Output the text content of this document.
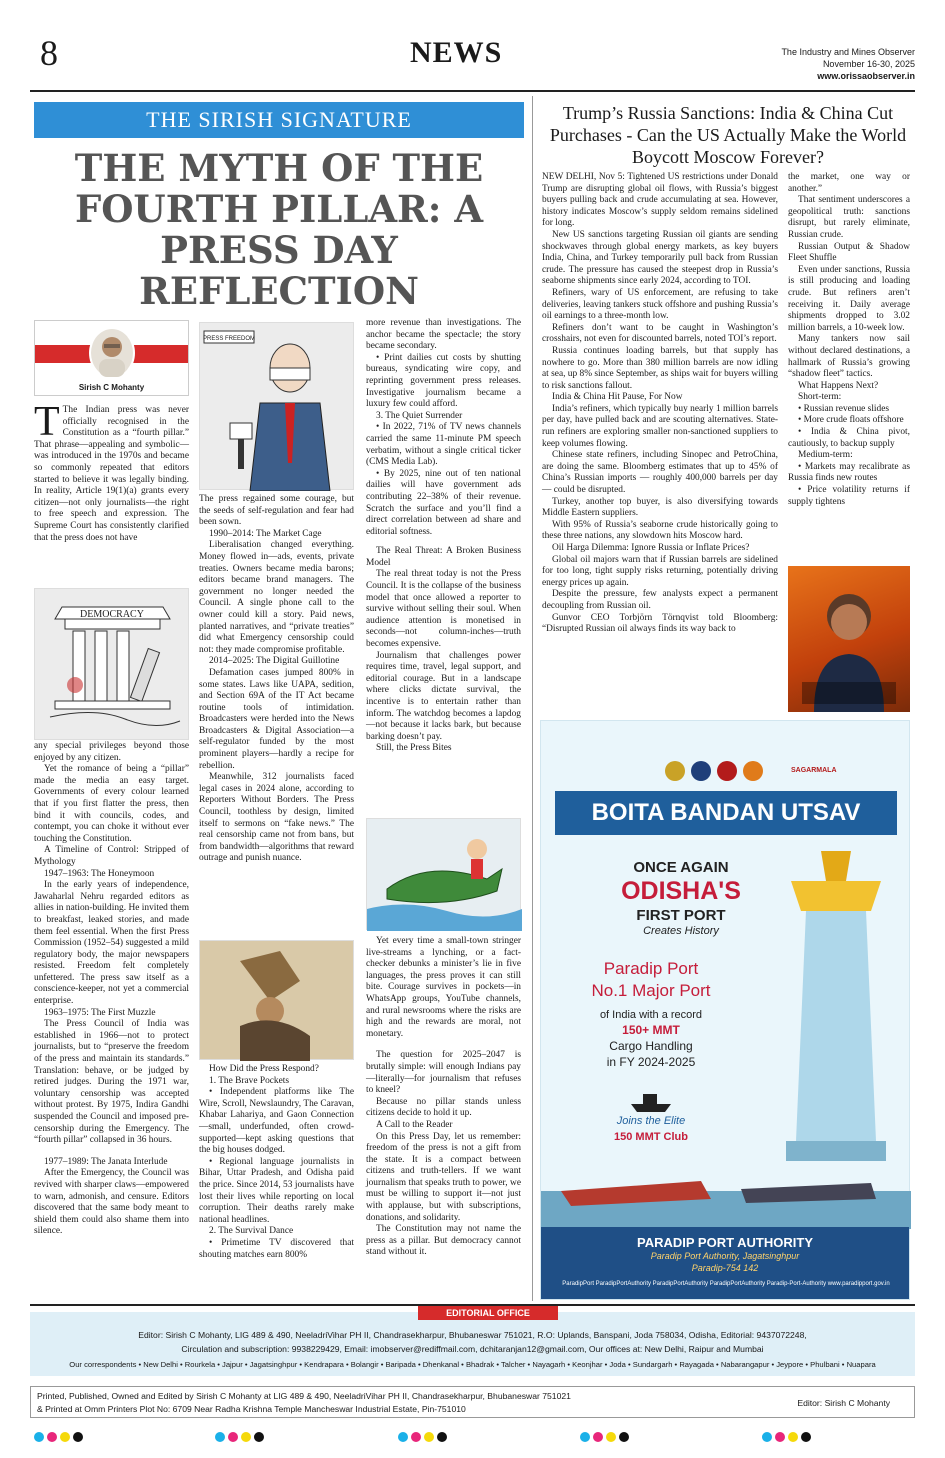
8	NEWS	The Industry and Mines Observer
November 16-30, 2025
www.orissaobserver.in
THE SIRISH SIGNATURE
THE MYTH OF THE FOURTH PILLAR: A PRESS DAY REFLECTION
Sirish C Mohanty

T The Indian press was never officially recognised in the Constitution as a “fourth pillar.” That phrase—appealing and symbolic—was introduced in the 1970s and became so commonly repeated that editors started to believe it was legally binding. In reality, Article 19(1)(a) grants every citizen—not only journalists—the right to free speech and expression. The Supreme Court has consistently clarified that the press does not have

DEMOCRACY

any special privileges beyond those enjoyed by any citizen.

Yet the romance of being a “pillar” made the media an easy target. Governments of every colour learned that if you first flatter the press, then bind it with councils, codes, and contempt, you can choke it without ever touching the Constitution.

A Timeline of Control: Stripped of Mythology

1947–1963: The Honeymoon

In the early years of independence, Jawaharlal Nehru regarded editors as allies in nation-building. He invited them to breakfast, leaked stories, and made them feel essential. When the first Press Commission (1952–54) suggested a mild regulatory body, the major newspapers resisted. Freedom felt completely unfettered. The press saw itself as a conscience-keeper, not yet a commercial enterprise.

1963–1975: The First Muzzle

The Press Council of India was established in 1966—not to protect journalists, but to “preserve the freedom of the press and maintain its standards.” Translation: behave, or be judged by retired judges. During the 1971 war, voluntary censorship was accepted without protest. By 1975, Indira Gandhi suspended the Council and imposed pre-censorship during the Emergency. The “fourth pillar” collapsed in 36 hours.

1977–1989: The Janata Interlude

After the Emergency, the Council was revived with sharper claws—empowered to warn, admonish, and censure. Editors discovered that the same body meant to shield them could also shame them into silence.

PRESS FREEDOM

The press regained some courage, but the seeds of self-regulation and fear had been sown.

1990–2014: The Market Cage

Liberalisation changed everything. Money flowed in—ads, events, private treaties. Owners became media barons; editors became brand managers. The government no longer needed the Council. A single phone call to the owner could kill a story. Paid news, planted narratives, and “private treaties” did what Emergency censorship could not: they made compromise profitable.

2014–2025: The Digital Guillotine

Defamation cases jumped 800% in some states. Laws like UAPA, sedition, and Section 69A of the IT Act became routine tools of intimidation. Broadcasters were herded into the News Broadcasters & Digital Association—a self-regulator funded by the most prominent players—hardly a recipe for rebellion.

Meanwhile, 312 journalists faced legal cases in 2024 alone, according to Reporters Without Borders. The Press Council, toothless by design, limited itself to sermons on “fake news.” The real censorship came not from bans, but from bandwidth—algorithms that reward outrage and punish nuance.

How Did the Press Respond?

1. The Brave Pockets

• Independent platforms like The Wire, Scroll, Newslaundry, The Caravan, Khabar Lahariya, and Gaon Connection—small, underfunded, often crowd-supported—kept asking questions that the big houses dodged.

• Regional language journalists in Bihar, Uttar Pradesh, and Odisha paid the price. Since 2014, 53 journalists have lost their lives while reporting on local corruption. Their deaths rarely make national headlines.

2. The Survival Dance

• Primetime TV discovered that shouting matches earn 800%

more revenue than investigations. The anchor became the spectacle; the story became secondary.

• Print dailies cut costs by shutting bureaus, syndicating wire copy, and reprinting government press releases. Investigative journalism became a luxury few could afford.

3. The Quiet Surrender

• In 2022, 71% of TV news channels carried the same 11-minute PM speech verbatim, without a single critical ticker (CMS Media Lab).

• By 2025, nine out of ten national dailies will have government ads contributing 22–38% of their revenue. Scratch the surface and you’ll find a direct correlation between ad share and editorial softness.

The Real Threat: A Broken Business Model

The real threat today is not the Press Council. It is the collapse of the business model that once allowed a reporter to survive without selling their soul. When audience attention is monetised in seconds—not column-inches—truth becomes expensive.

Journalism that challenges power requires time, travel, legal support, and editorial courage. But in a landscape where clicks dictate survival, the incentive is to entertain rather than inform. The watchdog becomes a lapdog—not because it lacks bark, but because barking doesn’t pay.

Still, the Press Bites

Yet every time a small-town stringer live-streams a lynching, or a fact-checker debunks a minister’s lie in five languages, the press proves it can still bite. Courage survives in pockets—in WhatsApp groups, YouTube channels, and rural newsrooms where the risks are high and the rewards are moral, not monetary.

The question for 2025–2047 is brutally simple: will enough Indians pay—literally—for journalism that refuses to kneel?

Because no pillar stands unless citizens decide to hold it up.

A Call to the Reader

On this Press Day, let us remember: freedom of the press is not a gift from the state. It is a compact between citizens and truth-tellers. If we want journalism that speaks truth to power, we must be willing to support it—not just with applause, but with subscriptions, donations, and solidarity.

The Constitution may not name the press as a pillar. But democracy cannot stand without it.

Trump’s Russia Sanctions: India & China Cut Purchases - Can the US Actually Make the World Boycott Moscow Forever?

NEW DELHI, Nov 5: Tightened US restrictions under Donald Trump are disrupting global oil flows, with Russia’s biggest buyers pulling back and crude accumulating at sea. However, history indicates Moscow’s supply seldom remains sidelined for long.

New US sanctions targeting Russian oil giants are sending shockwaves through global energy markets, as key buyers India, China, and Turkey temporarily pull back from Russian crude. The pressure has caused the steepest drop in Russia’s seaborne shipments since early 2024, according to TOI.

Refiners, wary of US enforcement, are refusing to take deliveries, leaving tankers stuck offshore and pushing Russia’s oil earnings to a three-month low.

Refiners don’t want to be caught in Washington’s crosshairs, not even for discounted barrels, noted TOI’s report.

Russia continues loading barrels, but that supply has nowhere to go. More than 380 million barrels are now idling at sea, up 8% since September, as ships wait for buyers willing to risk sanctions fallout.

India & China Hit Pause, For Now

India’s refiners, which typically buy nearly 1 million barrels per day, have pulled back and are scouting alternatives. State-run refiners are exploring smaller non-sanctioned suppliers to keep volumes flowing.

Chinese state refiners, including Sinopec and PetroChina, are doing the same. Bloomberg estimates that up to 45% of China’s Russian imports — roughly 400,000 barrels per day — could be disrupted.

Turkey, another top buyer, is also diversifying towards Middle Eastern suppliers.

With 95% of Russia’s seaborne crude historically going to these three nations, any slowdown hits Moscow hard.

Oil Harga Dilemma: Ignore Russia or Inflate Prices?

Global oil majors warn that if Russian barrels are sidelined for too long, tight supply risks returning, potentially driving energy prices up again.

Despite the pressure, few analysts expect a permanent decoupling from Russian oil.

Gunvor CEO Torbjörn Törnqvist told Bloomberg: “Disrupted Russian oil always finds its way back to

the market, one way or another.”

That sentiment underscores a geopolitical truth: sanctions disrupt, but rarely eliminate, Russian crude.

Russian Output & Shadow Fleet Shuffle

Even under sanctions, Russia is still producing and loading crude. But refiners aren’t receiving it. Daily average shipments dropped to 3.02 million barrels, a 10-week low.

Many tankers now sail without declared destinations, a hallmark of Russia’s growing “shadow fleet” tactics.

What Happens Next?

Short-term:

• Russian revenue slides

• More crude floats offshore

• India & China pivot, cautiously, to backup supply

Medium-term:

• Markets may recalibrate as Russia finds new routes

• Price volatility returns if supply tightens

SAGARMALA
BOITA BANDAN UTSAV
ONCE AGAIN
ODISHA'S
FIRST PORT
Creates History
Paradip Port
No.1 Major Port
of India with a record
150+ MMT
Cargo Handling
in FY 2024-2025
Joins the Elite
150 MMT Club
PARADIP PORT AUTHORITY
Paradip Port Authority, Jagatsinghpur
Paradip-754 142
ParadipPort ParadipPortAuthority ParadipPortAuthority ParadipPortAuthority Paradip-Port-Authority www.paradipport.gov.in
EDITORIAL OFFICE
Editor: Sirish C Mohanty, LIG 489 & 490, NeeladriVihar PH II, Chandrasekharpur, Bhubaneswar 751021, R.O: Uplands, Banspani, Joda 758034, Odisha, Editorial: 9437072248,
Circulation and subscription: 9938229429, Email: imobserver@rediffmail.com, dchitaranjan12@gmail.com, Our offices at: New Delhi, Raipur and Mumbai
Our correspondents • New Delhi • Rourkela • Jajpur • Jagatsinghpur • Kendrapara • Bolangir • Baripada • Dhenkanal • Bhadrak • Talcher • Nayagarh • Keonjhar • Joda • Sundargarh • Rayagada • Nabarangapur • Jeypore • Phulbani • Nuapara
Printed, Published, Owned and Edited by Sirish C Mohanty at LIG 489 & 490, NeeladriVihar PH II, Chandrasekharpur, Bhubaneswar 751021
& Printed at Omm Printers Plot No: 6709 Near Radha Krishna Temple Mancheswar Industrial Estate, Pin-751010
Editor: Sirish C Mohanty
